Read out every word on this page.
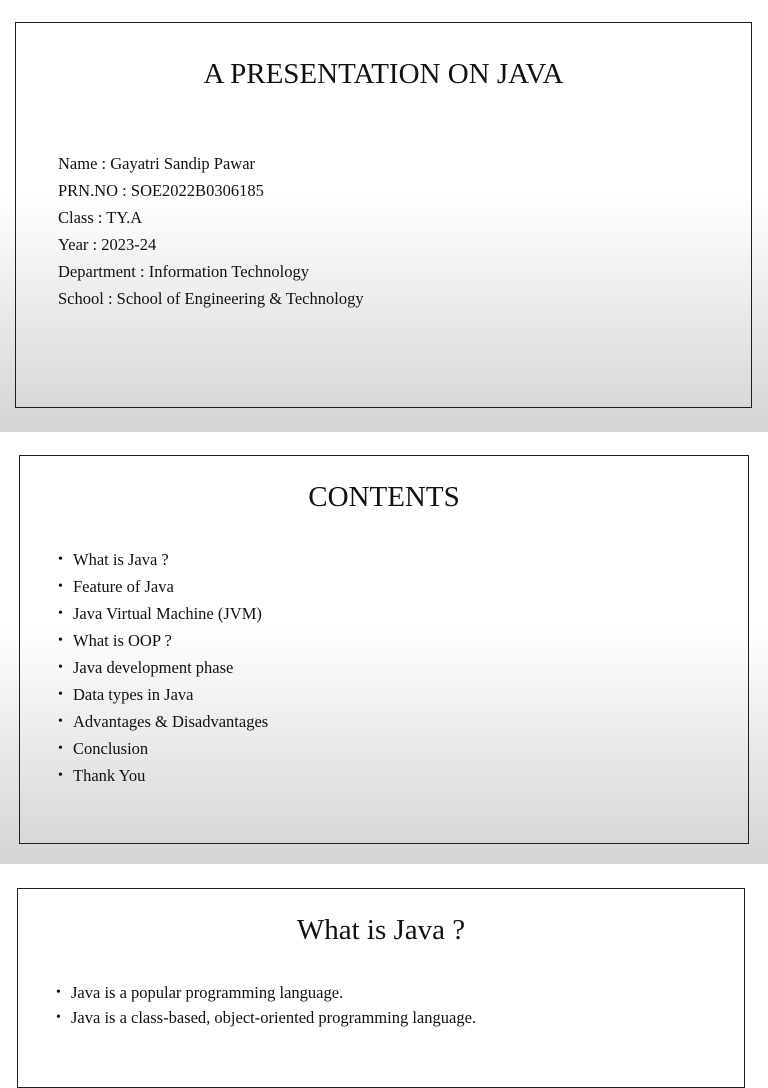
A PRESENTATION ON JAVA
Name : Gayatri Sandip Pawar
PRN.NO : SOE2022B0306185
Class : TY.A
Year : 2023-24
Department : Information Technology
School : School of Engineering & Technology
CONTENTS
• What is Java ?
• Feature of Java
• Java Virtual Machine (JVM)
• What is OOP ?
• Java development phase
• Data types in Java
• Advantages & Disadvantages
• Conclusion
• Thank You
What is Java ?
• Java is a popular programming language.
• Java is a class-based, object-oriented programming language.
